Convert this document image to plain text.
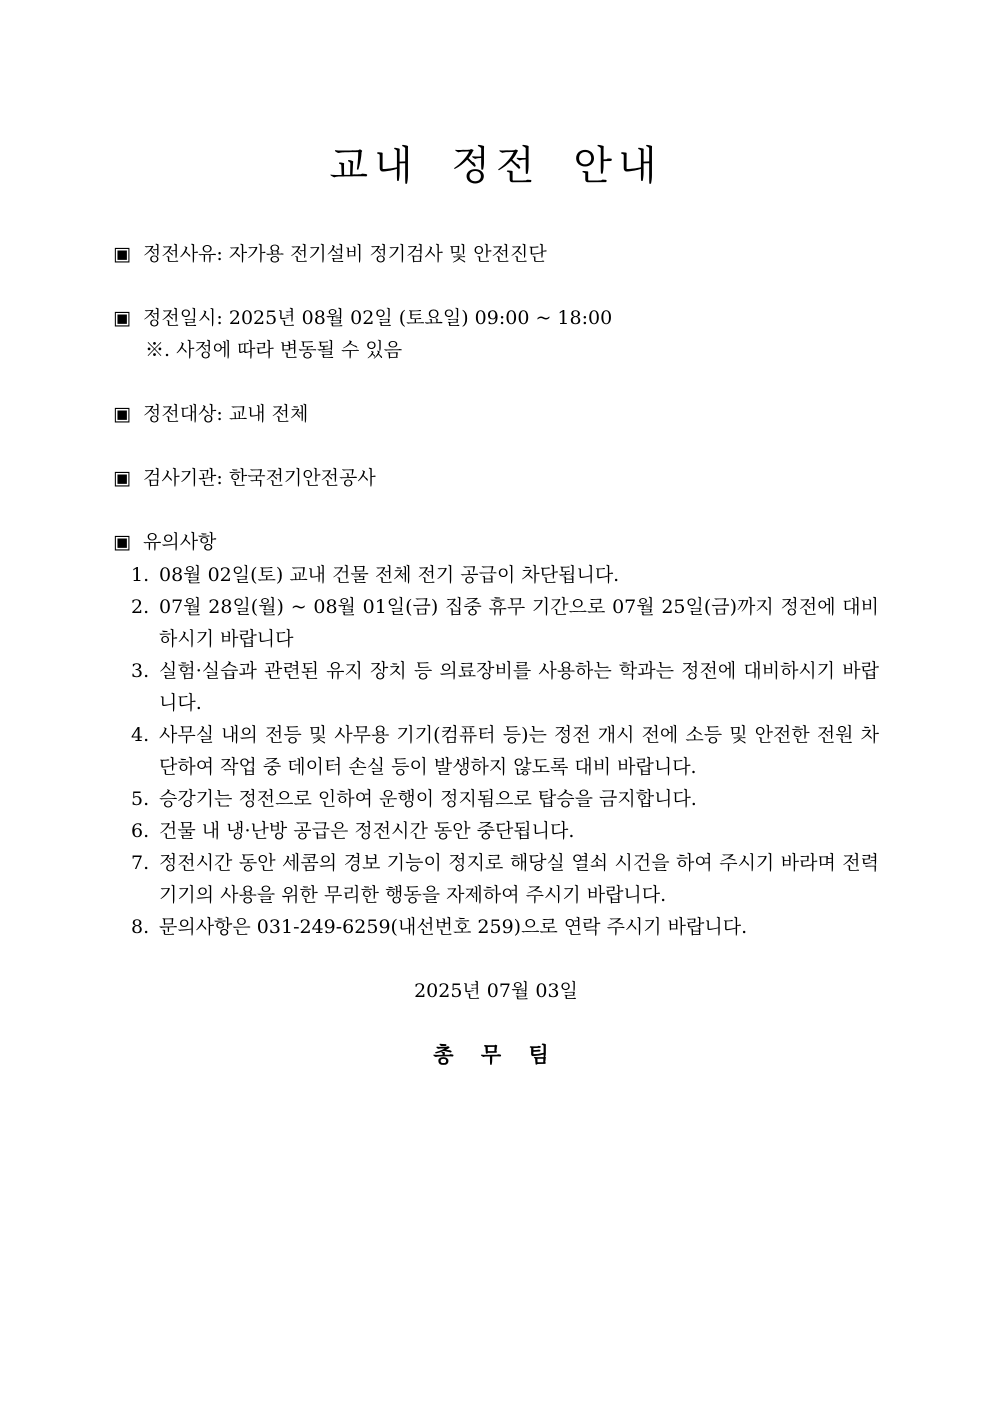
교내 정전 안내
▣ 정전사유: 자가용 전기설비 정기검사 및 안전진단
▣ 정전일시: 2025년 08월 02일 (토요일) 09:00 ~ 18:00
※. 사정에 따라 변동될 수 있음
▣ 정전대상: 교내 전체
▣ 검사기관: 한국전기안전공사
▣ 유의사항
1. 08월 02일(토) 교내 건물 전체 전기 공급이 차단됩니다.
2. 07월 28일(월) ~ 08월 01일(금) 집중 휴무 기간으로 07월 25일(금)까지 정전에 대비하시기 바랍니다
3. 실험·실습과 관련된 유지 장치 등 의료장비를 사용하는 학과는 정전에 대비하시기 바랍니다.
4. 사무실 내의 전등 및 사무용 기기(컴퓨터 등)는 정전 개시 전에 소등 및 안전한 전원 차단하여 작업 중 데이터 손실 등이 발생하지 않도록 대비 바랍니다.
5. 승강기는 정전으로 인하여 운행이 정지됨으로 탑승을 금지합니다.
6. 건물 내 냉·난방 공급은 정전시간 동안 중단됩니다.
7. 정전시간 동안 세콤의 경보 기능이 정지로 해당실 열쇠 시건을 하여 주시기 바라며 전력기기의 사용을 위한 무리한 행동을 자제하여 주시기 바랍니다.
8. 문의사항은 031-249-6259(내선번호 259)으로 연락 주시기 바랍니다.
2025년 07월 03일
총 무 팀
